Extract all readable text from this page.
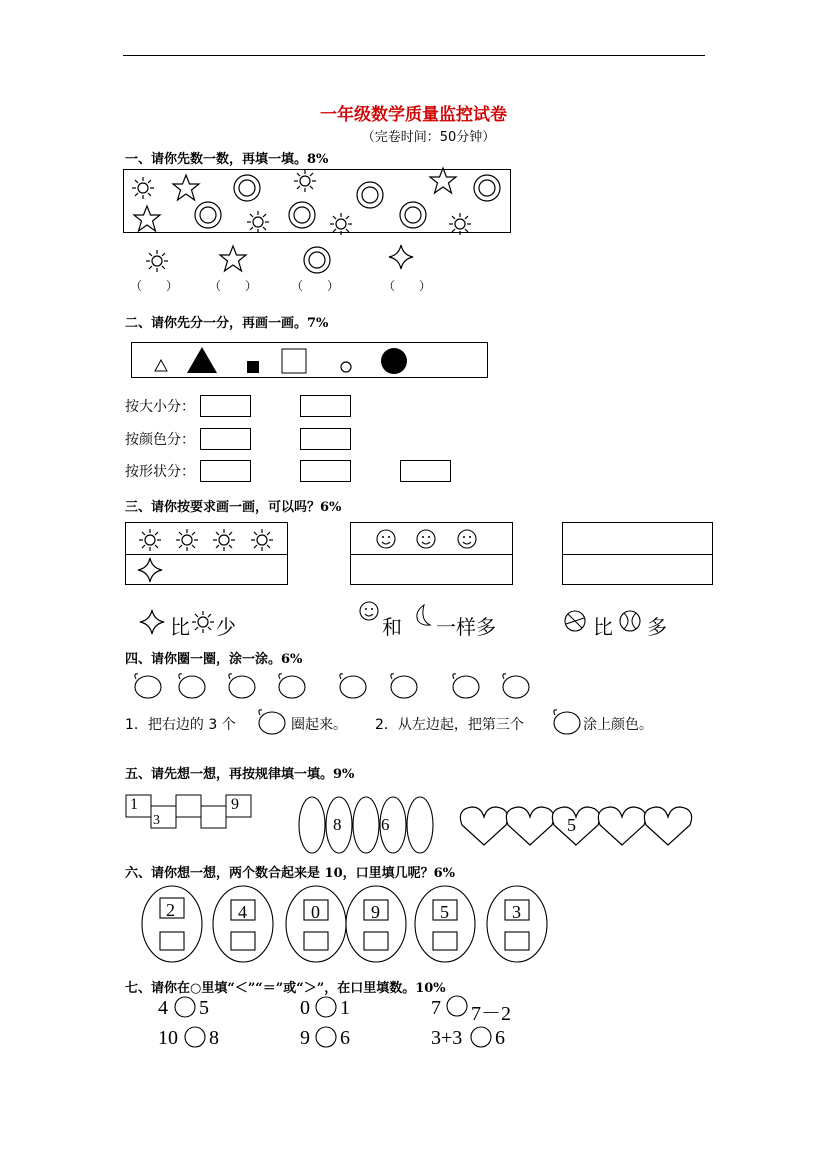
一年级数学质量监控试卷
（完卷时间：50分钟）
一、请你先数一数，再填一填。8%
（　　）	（　　）	（　　）	（　　）
二、请你先分一分，再画一画。7%
按大小分：
按颜色分：
按形状分：
三、请你按要求画一画，可以吗？6%
比 少	和 一样多	比 多
四、请你圈一圈，涂一涂。6%
1．把右边的 3 个	圈起来。 2．从左边起，把第三个	涂上颜色。
五、请先想一想，再按规律填一填。9%
1
3
9
8 6	5
六、请你想一想，两个数合起来是 10，口里填几呢？6%
2	4	0	9	5	3
七、请你在○里填“＜”“＝”或“＞”，在口里填数。10%
4 5	0 1	7 7－2
10 8	9 6	3+3 6
